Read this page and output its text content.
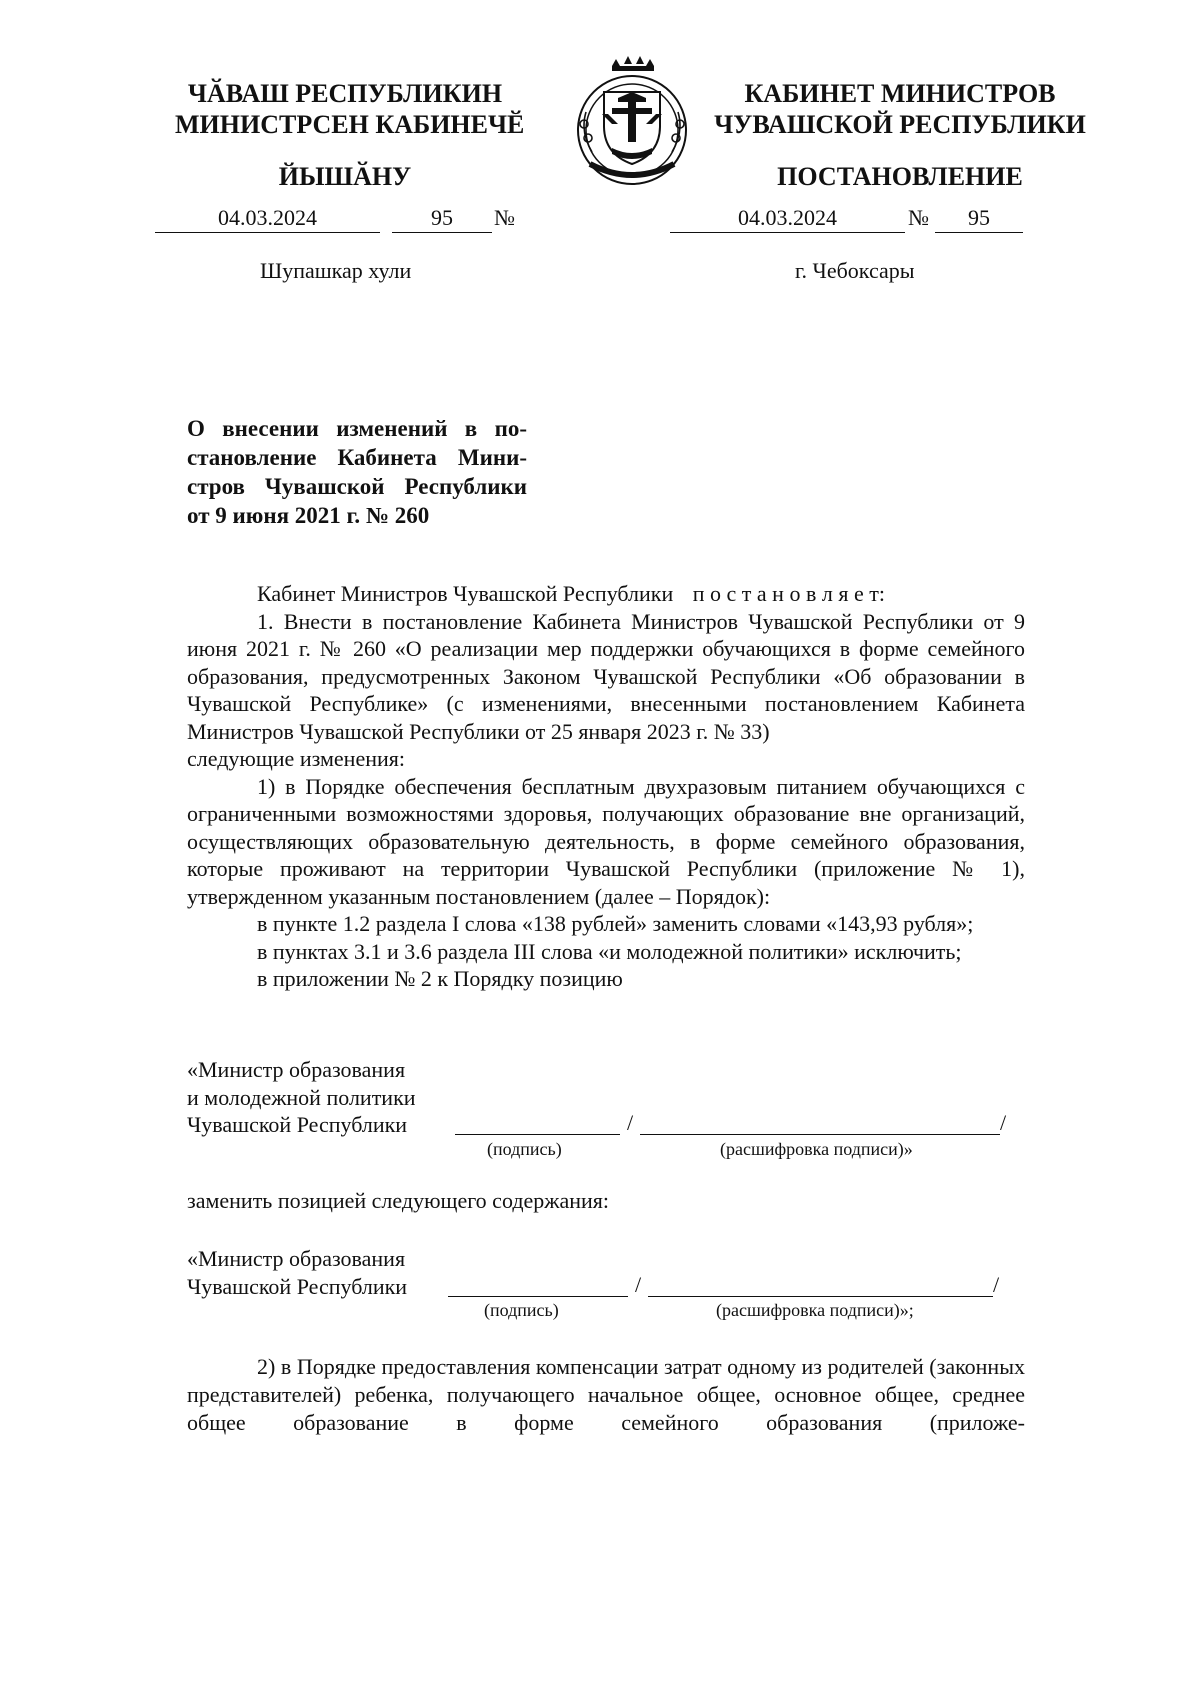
ЧӐВАШ РЕСПУБЛИКИН
МИНИСТРСЕН КАБИНЕЧӖ
ЙЫШӐНУ
КАБИНЕТ МИНИСТРОВ
ЧУВАШСКОЙ РЕСПУБЛИКИ
ПОСТАНОВЛЕНИЕ
04.03.2024	95	№	04.03.2024	№	95
Шупашкар хули	г. Чебоксары
О внесении изменений в по-
становление Кабинета Мини-
стров Чувашской Республики
от 9 июня 2021 г. № 260

Кабинет Министров Чувашской Республики п о с т а н о в л я е т:

1. Внести в постановление Кабинета Министров Чувашской Республики от 9 июня 2021 г. № 260 «О реализации мер поддержки обучающихся в форме семейного образования, предусмотренных Законом Чувашской Республики «Об образовании в Чувашской Республике» (с изменениями, внесенными постановлением Кабинета Министров Чувашской Республики от 25 января 2023 г. № 33)

следующие изменения:

1) в Порядке обеспечения бесплатным двухразовым питанием обучающихся с ограниченными возможностями здоровья, получающих образование вне организаций, осуществляющих образовательную деятельность, в форме семейного образования, которые проживают на территории Чувашской Республики (приложение № 1), утвержденном указанным постановлением (далее – Порядок):

в пункте 1.2 раздела I слова «138 рублей» заменить словами «143,93 рубля»;

в пунктах 3.1 и 3.6 раздела III слова «и молодежной политики» исключить;

в приложении № 2 к Порядку позицию

«Министр образования
и молодежной политики
Чувашской Республики	/	/
(подпись)	(расшифровка подписи)»
заменить позицией следующего содержания:
«Министр образования
Чувашской Республики	/	/
(подпись)	(расшифровка подписи)»;

2) в Порядке предоставления компенсации затрат одному из родителей (законных представителей) ребенка, получающего начальное общее, основное общее, среднее общее образование в форме семейного образования (приложе-
